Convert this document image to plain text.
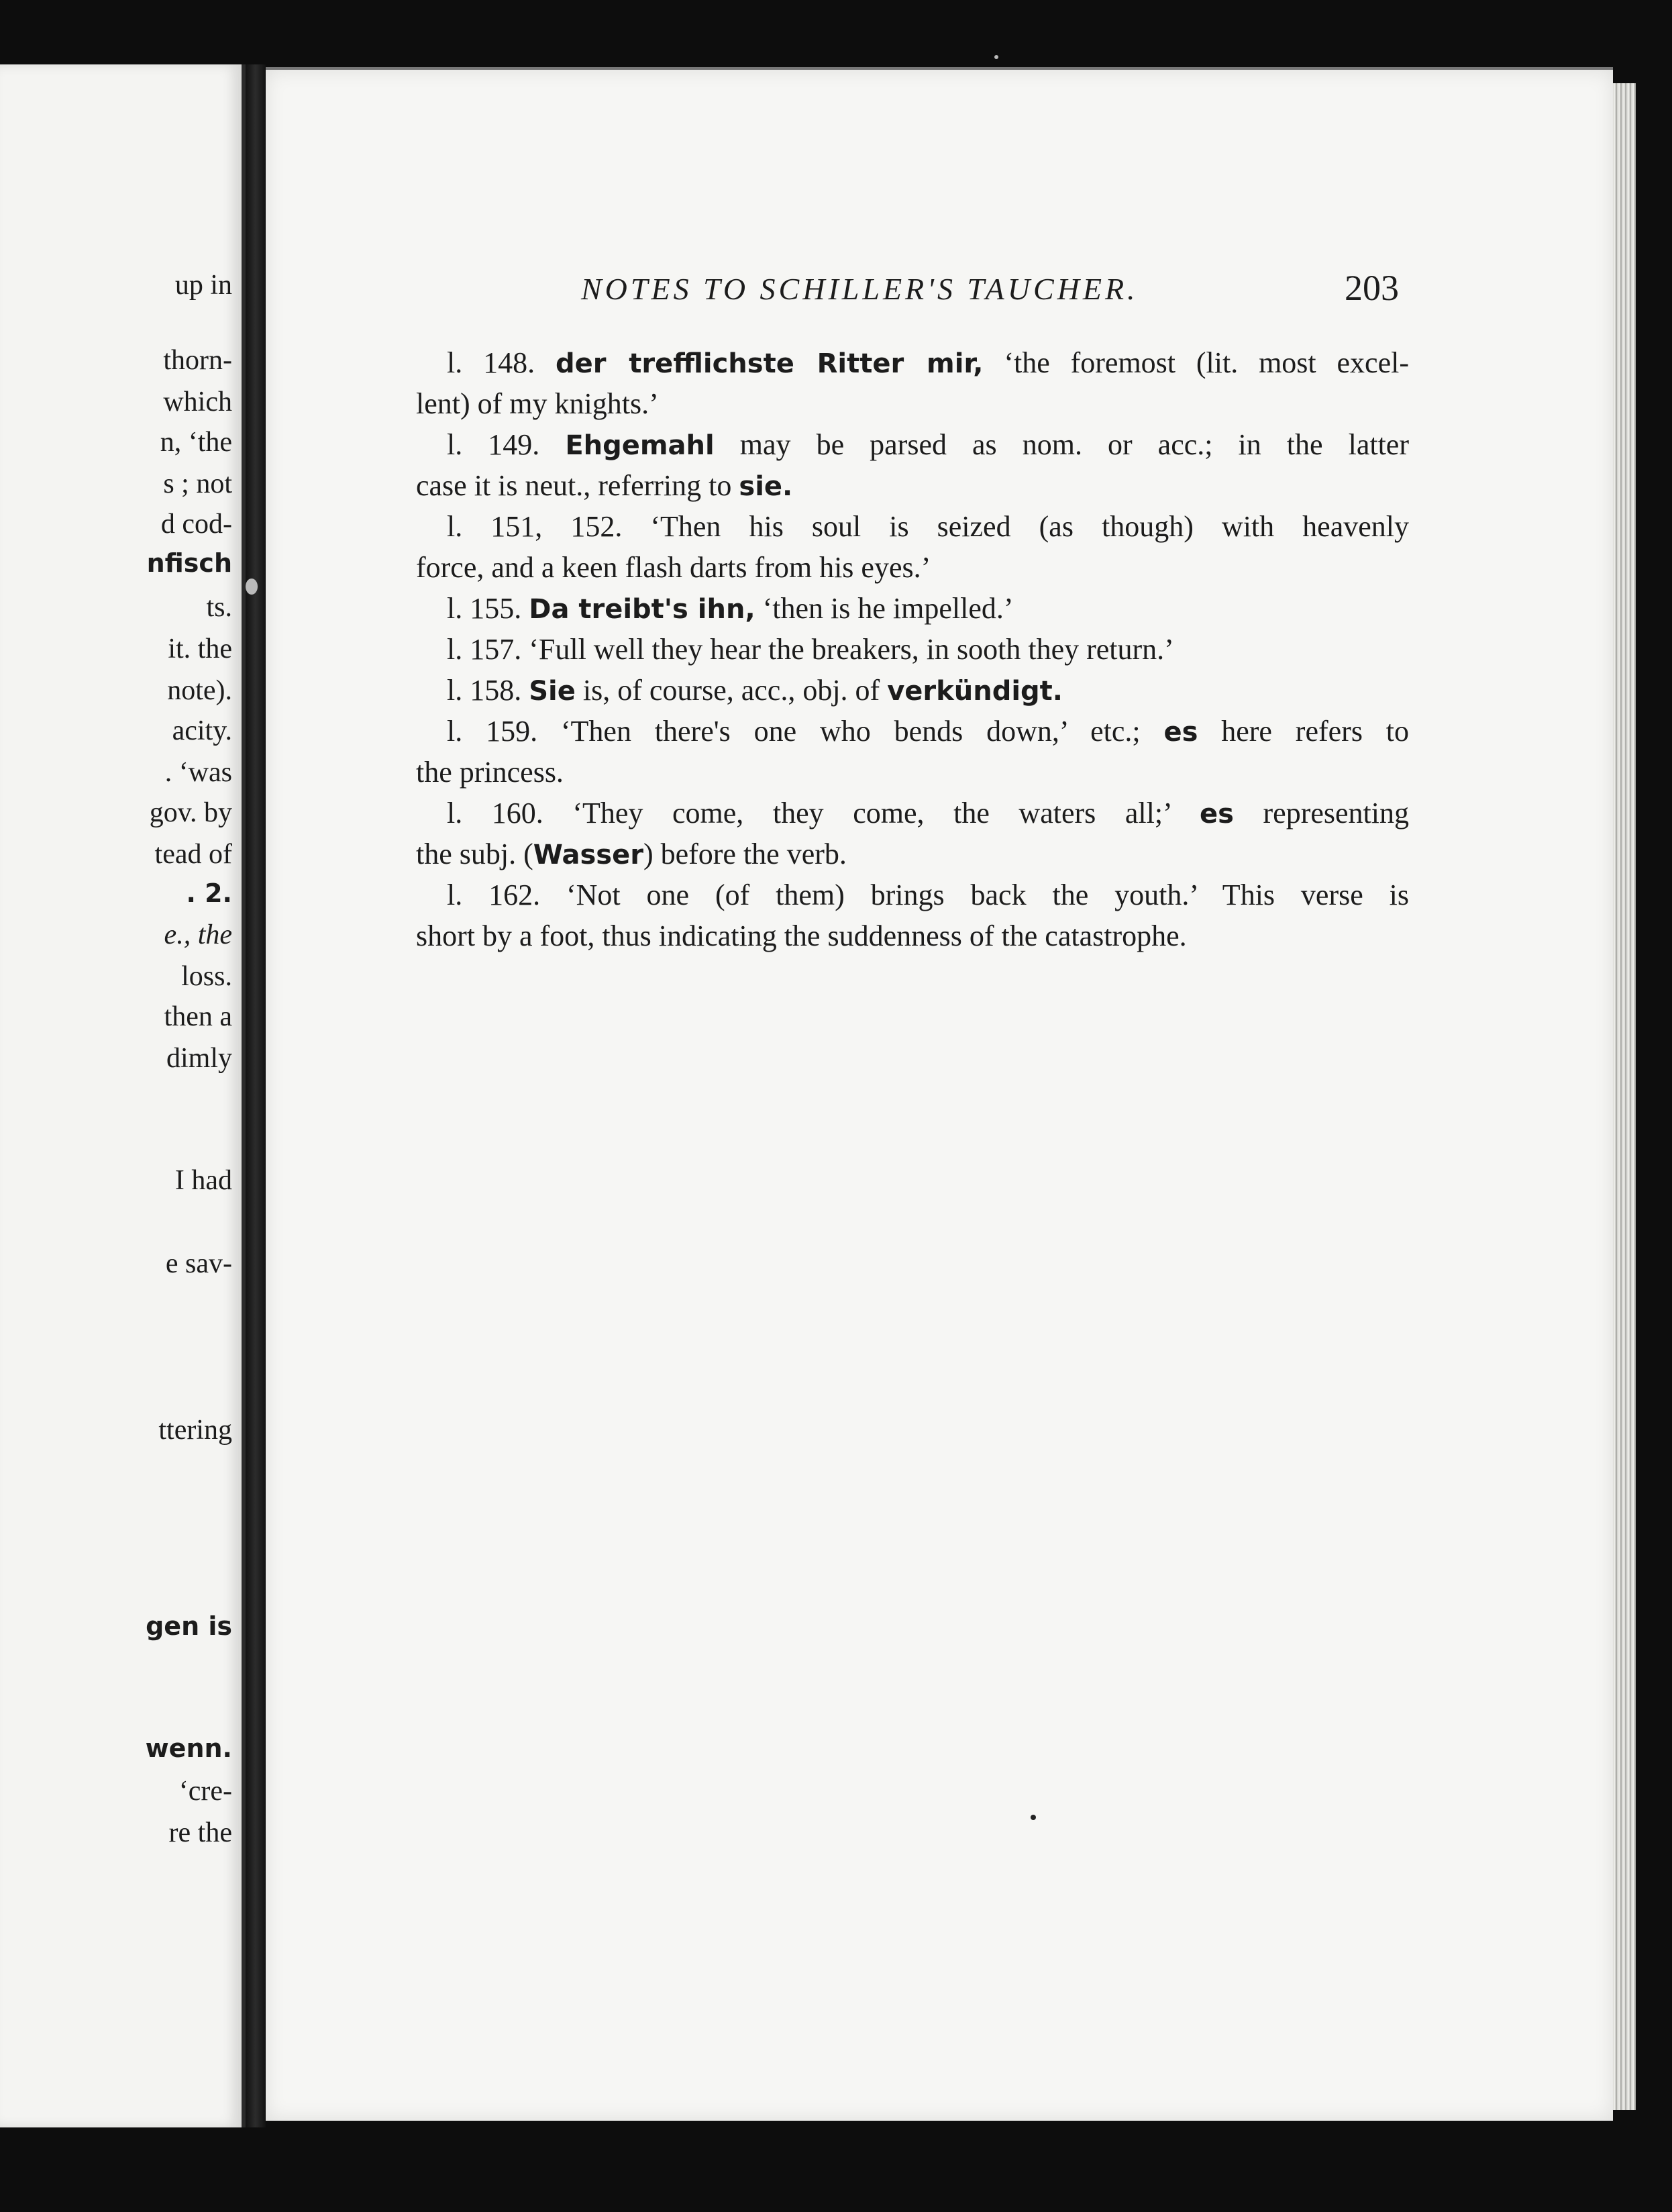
up in
thorn-
which
n, ‘the
s ; not
d cod-
nfisch
ts.
it. the
note).
acity.
. ‘was
gov. by
tead of
. 2.
e., the
loss.
then a
dimly
I had
e sav-
ttering
gen is
wenn.
‘cre-
re the
NOTES TO SCHILLER'S TAUCHER.	203
l. 148. der trefflichste Ritter mir, ‘the foremost (lit. most excel-
lent) of my knights.’
l. 149. Ehgemahl may be parsed as nom. or acc.; in the latter
case it is neut., referring to sie.
l. 151, 152. ‘Then his soul is seized (as though) with heavenly
force, and a keen flash darts from his eyes.’
l. 155. Da treibt's ihn, ‘then is he impelled.’
l. 157. ‘Full well they hear the breakers, in sooth they return.’
l. 158. Sie is, of course, acc., obj. of verkündigt.
l. 159. ‘Then there's one who bends down,’ etc.; es here refers to
the princess.
l. 160. ‘They come, they come, the waters all;’ es representing
the subj. (Wasser) before the verb.
l. 162. ‘Not one (of them) brings back the youth.’ This verse is
short by a foot, thus indicating the suddenness of the catastrophe.
